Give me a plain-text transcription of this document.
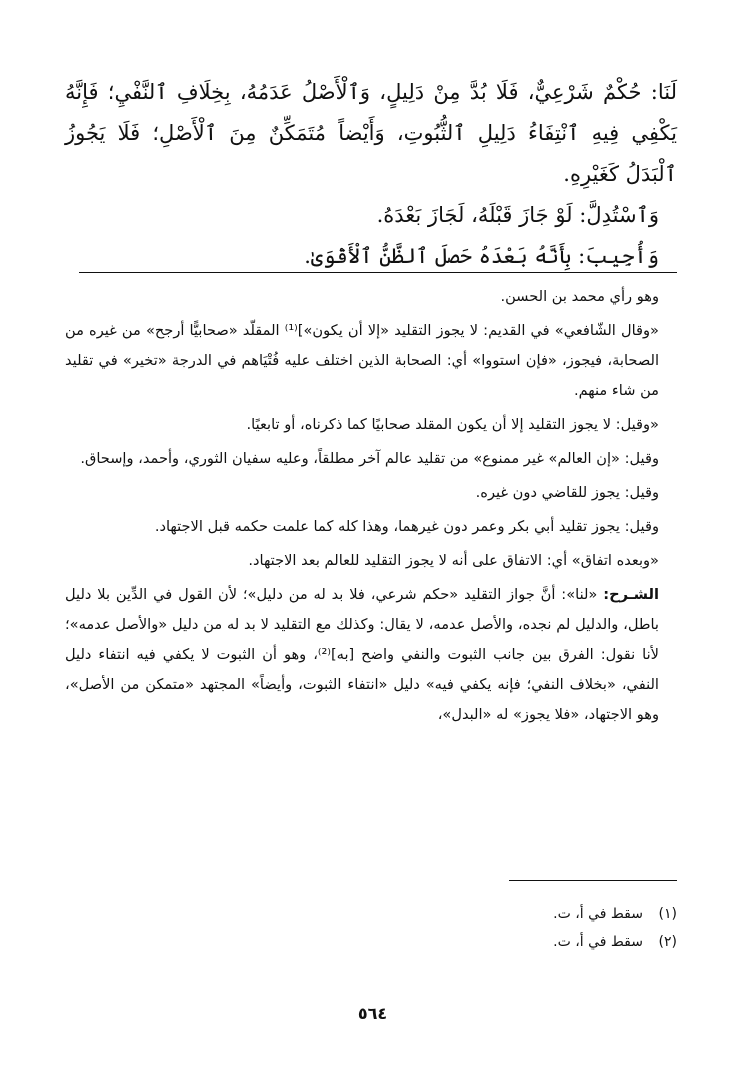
لَنَا: حُكْمٌ شَرْعِيٌّ، فَلَا بُدَّ مِنْ دَلِيلٍ، وَٱلْأَصْلُ عَدَمُهُ، بِخِلَافِ ٱلنَّفْيِ؛ فَإِنَّهُ يَكْفِي فِيهِ ٱنْتِفَاءُ دَلِيلِ ٱلثُّبُوتِ، وَأَيْضاً مُتَمَكِّنٌ مِنَ ٱلْأَصْلِ؛ فَلَا يَجُوزُ ٱلْبَدَلُ كَغَيْرِهِ.

وَٱسْتُدِلَّ: لَوْ جَازَ قَبْلَهُ، لَجَازَ بَعْدَهُ.

وَأُجِيبَ: بِأَنَّهُ بَعْدَهُ حَصلَ ٱلظَّنُّ ٱلْأَقْوَىٰ.

وهو رأي محمد بن الحسن.

«وقال الشّافعي» في القديم: لا يجوز التقليد «إلا أن يكون»]⁽¹⁾ المقلّد «صحابيًّا أرجح» من غيره من الصحابة، فيجوز، «فإن استووا» أي: الصحابة الذين اختلف عليه فُتْيَاهم في الدرجة «تخير» في تقليد من شاء منهم.

«وقيل: لا يجوز التقليد إلا أن يكون المقلد صحابيًا كما ذكرناه، أو تابعيًا.

وقيل: «إن العالم» غير ممنوع» من تقليد عالم آخر مطلقاً، وعليه سفيان الثوري، وأحمد، وإسحاق.

وقيل: يجوز للقاضي دون غيره.

وقيل: يجوز تقليد أبي بكر وعمر دون غيرهما، وهذا كله كما علمت حكمه قبل الاجتهاد.

«وبعده اتفاق» أي: الاتفاق على أنه لا يجوز التقليد للعالم بعد الاجتهاد.

الشـرح: «لنا»: أنَّ جواز التقليد «حكم شرعي، فلا بد له من دليل»؛ لأن القول في الدِّين بلا دليل باطل، والدليل لم نجده، والأصل عدمه، لا يقال: وكذلك مع التقليد لا بد له من دليل «والأصل عدمه»؛ لأنا نقول: الفرق بين جانب الثبوت والنفي واضح [به]⁽²⁾، وهو أن الثبوت لا يكفي فيه انتفاء دليل النفي، «بخلاف النفي؛ فإنه يكفي فيه» دليل «انتفاء الثبوت، وأيضاً» المجتهد «متمكن من الأصل»، وهو الاجتهاد، «فلا يجوز» له «البدل»،

(١)
سقط في أ، ت.
(٢)
سقط في أ، ت.
٥٦٤
